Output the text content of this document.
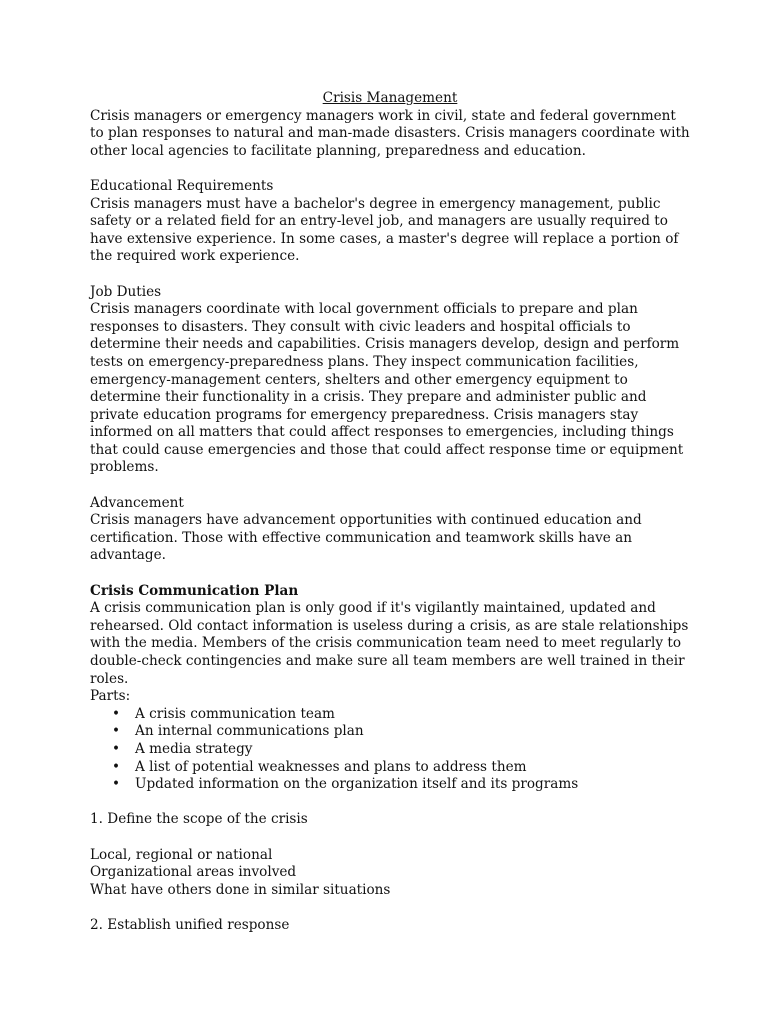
Crisis Management

Crisis managers or emergency managers work in civil, state and federal government to plan responses to natural and man-made disasters. Crisis managers coordinate with other local agencies to facilitate planning, preparedness and education.

Educational Requirements

Crisis managers must have a bachelor's degree in emergency management, public safety or a related field for an entry-level job, and managers are usually required to have extensive experience. In some cases, a master's degree will replace a portion of the required work experience.

Job Duties

Crisis managers coordinate with local government officials to prepare and plan responses to disasters. They consult with civic leaders and hospital officials to determine their needs and capabilities. Crisis managers develop, design and perform tests on emergency-preparedness plans. They inspect communication facilities, emergency-management centers, shelters and other emergency equipment to determine their functionality in a crisis. They prepare and administer public and private education programs for emergency preparedness. Crisis managers stay informed on all matters that could affect responses to emergencies, including things that could cause emergencies and those that could affect response time or equipment problems.

Advancement

Crisis managers have advancement opportunities with continued education and certification. Those with effective communication and teamwork skills have an advantage.

Crisis Communication Plan

A crisis communication plan is only good if it's vigilantly maintained, updated and rehearsed. Old contact information is useless during a crisis, as are stale relationships with the media. Members of the crisis communication team need to meet regularly to double-check contingencies and make sure all team members are well trained in their roles.

Parts:

• A crisis communication team
• An internal communications plan
• A media strategy
• A list of potential weaknesses and plans to address them
• Updated information on the organization itself and its programs

1. Define the scope of the crisis

Local, regional or national

Organizational areas involved

What have others done in similar situations

2. Establish unified response
